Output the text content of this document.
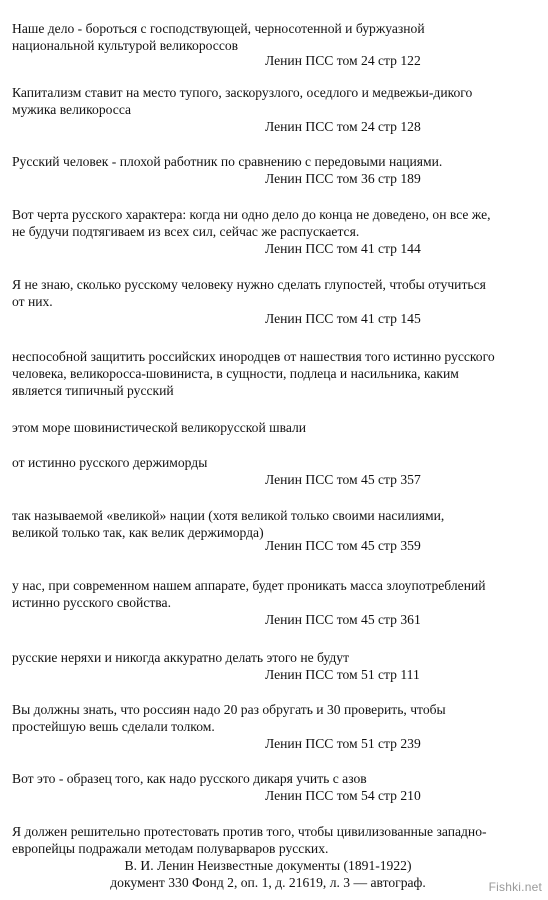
Наше дело - бороться с господствующей, черносотенной и буржуазной
национальной культурой великороссов
Ленин ПСС том 24 стр 122
Капитализм ставит на место тупого, заскорузлого, оседлого и медвежьи-дикого
мужика великоросса
Ленин ПСС том 24 стр 128
Русский человек - плохой работник по сравнению с передовыми нациями.
Ленин ПСС том 36 стр 189
Вот черта русского характера: когда ни одно дело до конца не доведено, он все же,
не будучи подтягиваем из всех сил, сейчас же распускается.
Ленин ПСС том 41 стр 144
Я не знаю, сколько русскому человеку нужно сделать глупостей, чтобы отучиться
от них.
Ленин ПСС том 41 стр 145
неспособной защитить российских инородцев от нашествия того истинно русского
человека, великоросса-шовиниста, в сущности, подлеца и насильника, каким
является типичный русский
этом море шовинистической великорусской швали
от истинно русского держиморды
Ленин ПСС том 45 стр 357
так называемой «великой» нации (хотя великой только своими насилиями,
великой только так, как велик держиморда)
Ленин ПСС том 45 стр 359
у нас, при современном нашем аппарате, будет проникать масса злоупотреблений
истинно русского свойства.
Ленин ПСС том 45 стр 361
русские неряхи и никогда аккуратно делать этого не будут
Ленин ПСС том 51 стр 111
Вы должны знать, что россиян надо 20 раз обругать и 30 проверить, чтобы
простейшую вешь сделали толком.
Ленин ПСС том 51 стр 239
Вот это - образец того, как надо русского дикаря учить с азов
Ленин ПСС том 54 стр 210
Я должен решительно протестовать против того, чтобы цивилизованные западно-
европейцы подражали методам полуварваров русских.
В. И. Ленин Неизвестные документы (1891-1922)
документ 330 Фонд 2, оп. 1, д. 21619, л. 3 — автограф.	Fishki.net
